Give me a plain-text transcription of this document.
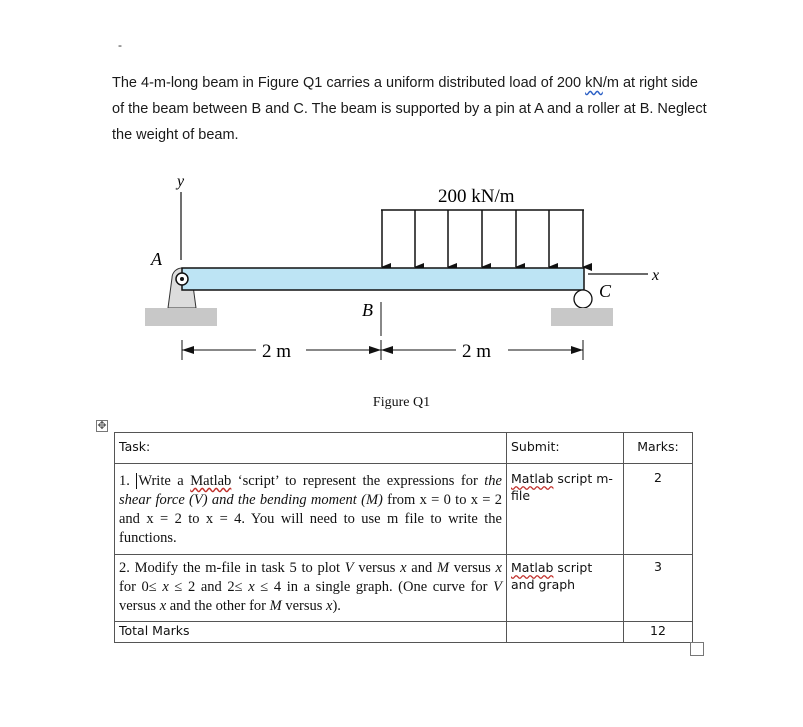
-

The 4-m-long beam in Figure Q1 carries a uniform distributed load of 200 kN/m at right side of the beam between B and C. The beam is supported by a pin at A and a roller at B. Neglect the weight of beam.

y
A
200 kN/m
C
x
B
2 m	2 m
Figure Q1
✥
Task:	Submit:	Marks:

1. Write a Matlab ‘script’ to represent the expressions for the shear force (V) and the bending moment (M) from x = 0 to x = 2 and x = 2 to x = 4. You will need to use m file to write the functions.	Matlab script m-file	2

2. Modify the m-file in task 5 to plot V versus x and M versus x for 0≤ x ≤ 2 and 2≤ x ≤ 4 in a single graph. (One curve for V versus x and the other for M versus x).	Matlab script and graph	3
Total Marks		12
